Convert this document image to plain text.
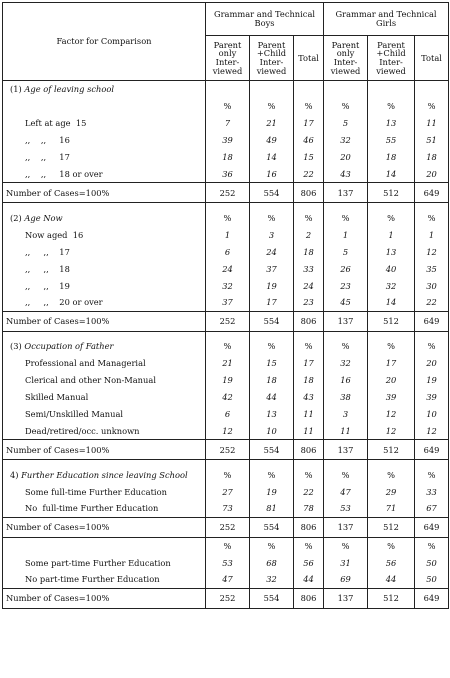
Factor for Comparison	Grammar and Technical Boys			Grammar and Technical Girls		
	Parent only Inter- viewed	Parent +Child Inter- viewed	Total	Parent only Inter- viewed	Parent +Child Inter- viewed	Total
(1) Age of leaving school						
	%	%	%	%	%	%
Left at age  15	7	21	17	5	13	11
,,    ,,     16	39	49	46	32	55	51
,,    ,,     17	18	14	15	20	18	18
,,    ,,     18 or over	36	16	22	43	14	20
Number of Cases=100%	252	554	806	137	512	649

(2) Age Now	%	%	%	%	%	%
Now aged  16	1	3	2	1	1	1
,,     ,,    17	6	24	18	5	13	12
,,     ,,    18	24	37	33	26	40	35
,,     ,,    19	32	19	24	23	32	30
,,     ,,    20 or over	37	17	23	45	14	22
Number of Cases=100%	252	554	806	137	512	649

(3) Occupation of Father	%	%	%	%	%	%
Professional and Managerial	21	15	17	32	17	20
Clerical and other Non-Manual	19	18	18	16	20	19
Skilled Manual	42	44	43	38	39	39
Semi/Unskilled Manual	6	13	11	3	12	10
Dead/retired/occ. unknown	12	10	11	11	12	12
Number of Cases=100%	252	554	806	137	512	649

4) Further Education since leaving School	%	%	%	%	%	%
Some full-time Further Education	27	19	22	47	29	33
No  full-time Further Education	73	81	78	53	71	67
Number of Cases=100%	252	554	806	137	512	649
	%	%	%	%	%	%
Some part-time Further Education	53	68	56	31	56	50
No part-time Further Education	47	32	44	69	44	50
Number of Cases=100%	252	554	806	137	512	649
